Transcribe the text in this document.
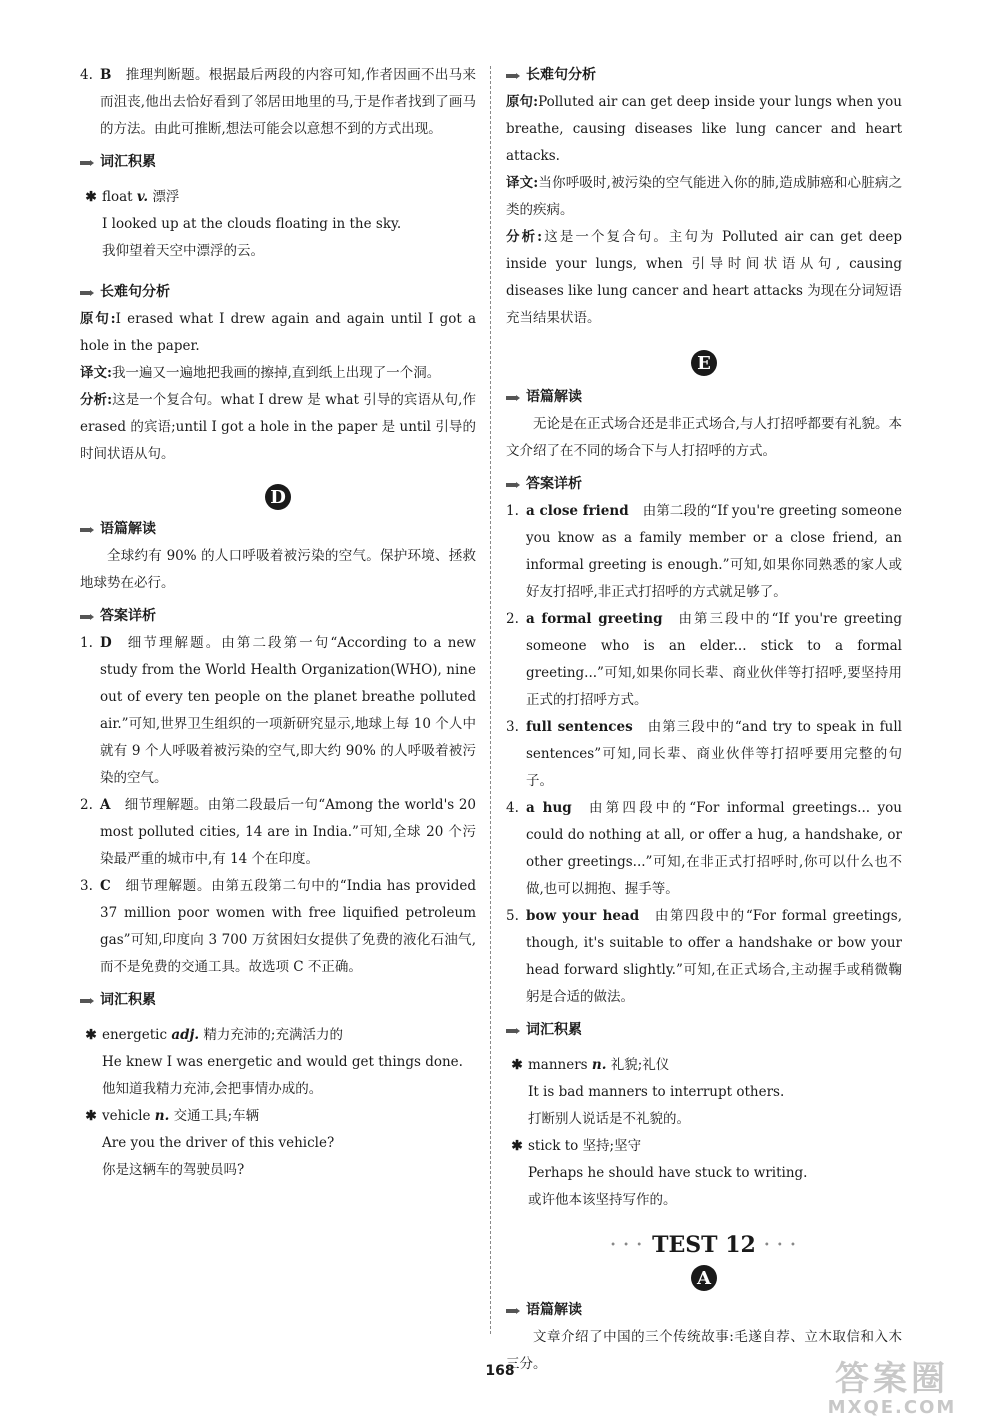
4. B 推理判断题。根据最后两段的内容可知,作者因画不出马来而沮丧,他出去恰好看到了邻居田地里的马,于是作者找到了画马的方法。由此可推断,想法可能会以意想不到的方式出现。

词汇积累
✱ float v. 漂浮

I looked up at the clouds floating in the sky.

我仰望着天空中漂浮的云。

长难句分析

原句:I erased what I drew again and again until I got a hole in the paper.

译文:我一遍又一遍地把我画的擦掉,直到纸上出现了一个洞。

分析:这是一个复合句。what I drew 是 what 引导的宾语从句,作 erased 的宾语;until I got a hole in the paper 是 until 引导的时间状语从句。

D
语篇解读

全球约有 90% 的人口呼吸着被污染的空气。保护环境、拯救地球势在必行。

答案详析
1. D 细节理解题。由第二段第一句“According to a new study from the World Health Organization(WHO), nine out of every ten people on the planet breathe polluted air.”可知,世界卫生组织的一项新研究显示,地球上每 10 个人中就有 9 个人呼吸着被污染的空气,即大约 90% 的人呼吸着被污染的空气。

2. A 细节理解题。由第二段最后一句“Among the world's 20 most polluted cities, 14 are in India.”可知,全球 20 个污染最严重的城市中,有 14 个在印度。

3. C 细节理解题。由第五段第二句中的“India has provided 37 million poor women with free liquified petroleum gas”可知,印度向 3 700 万贫困妇女提供了免费的液化石油气,而不是免费的交通工具。故选项 C 不正确。

词汇积累
✱ energetic adj. 精力充沛的;充满活力的

He knew I was energetic and would get things done.

他知道我精力充沛,会把事情办成的。

✱ vehicle n. 交通工具;车辆

Are you the driver of this vehicle?

你是这辆车的驾驶员吗?

长难句分析

原句:Polluted air can get deep inside your lungs when you breathe, causing diseases like lung cancer and heart attacks.

译文:当你呼吸时,被污染的空气能进入你的肺,造成肺癌和心脏病之类的疾病。

分析:这是一个复合句。主句为 Polluted air can get deep inside your lungs, when 引导时间状语从句, causing diseases like lung cancer and heart attacks 为现在分词短语充当结果状语。

E
语篇解读

无论是在正式场合还是非正式场合,与人打招呼都要有礼貌。本文介绍了在不同的场合下与人打招呼的方式。

答案详析
1. a close friend 由第二段的“If you're greeting someone you know as a family member or a close friend, an informal greeting is enough.”可知,如果你同熟悉的家人或好友打招呼,非正式打招呼的方式就足够了。

2. a formal greeting 由第三段中的“If you're greeting someone who is an elder... stick to a formal greeting...”可知,如果你同长辈、商业伙伴等打招呼,要坚持用正式的打招呼方式。

3. full sentences 由第三段中的“and try to speak in full sentences”可知,同长辈、商业伙伴等打招呼要用完整的句子。

4. a hug 由第四段中的“For informal greetings... you could do nothing at all, or offer a hug, a handshake, or other greetings...”可知,在非正式打招呼时,你可以什么也不做,也可以拥抱、握手等。

5. bow your head 由第四段中的“For formal greetings, though, it's suitable to offer a handshake or bow your head forward slightly.”可知,在正式场合,主动握手或稍微鞠躬是合适的做法。

词汇积累
✱ manners n. 礼貌;礼仪

It is bad manners to interrupt others.

打断别人说话是不礼貌的。

✱ stick to 坚持;坚守

Perhaps he should have stuck to writing.

或许他本该坚持写作的。

• • • TEST 12 • • •
A
语篇解读

文章介绍了中国的三个传统故事:毛遂自荐、立木取信和入木三分。

168	答案圈
MXQE.COM
